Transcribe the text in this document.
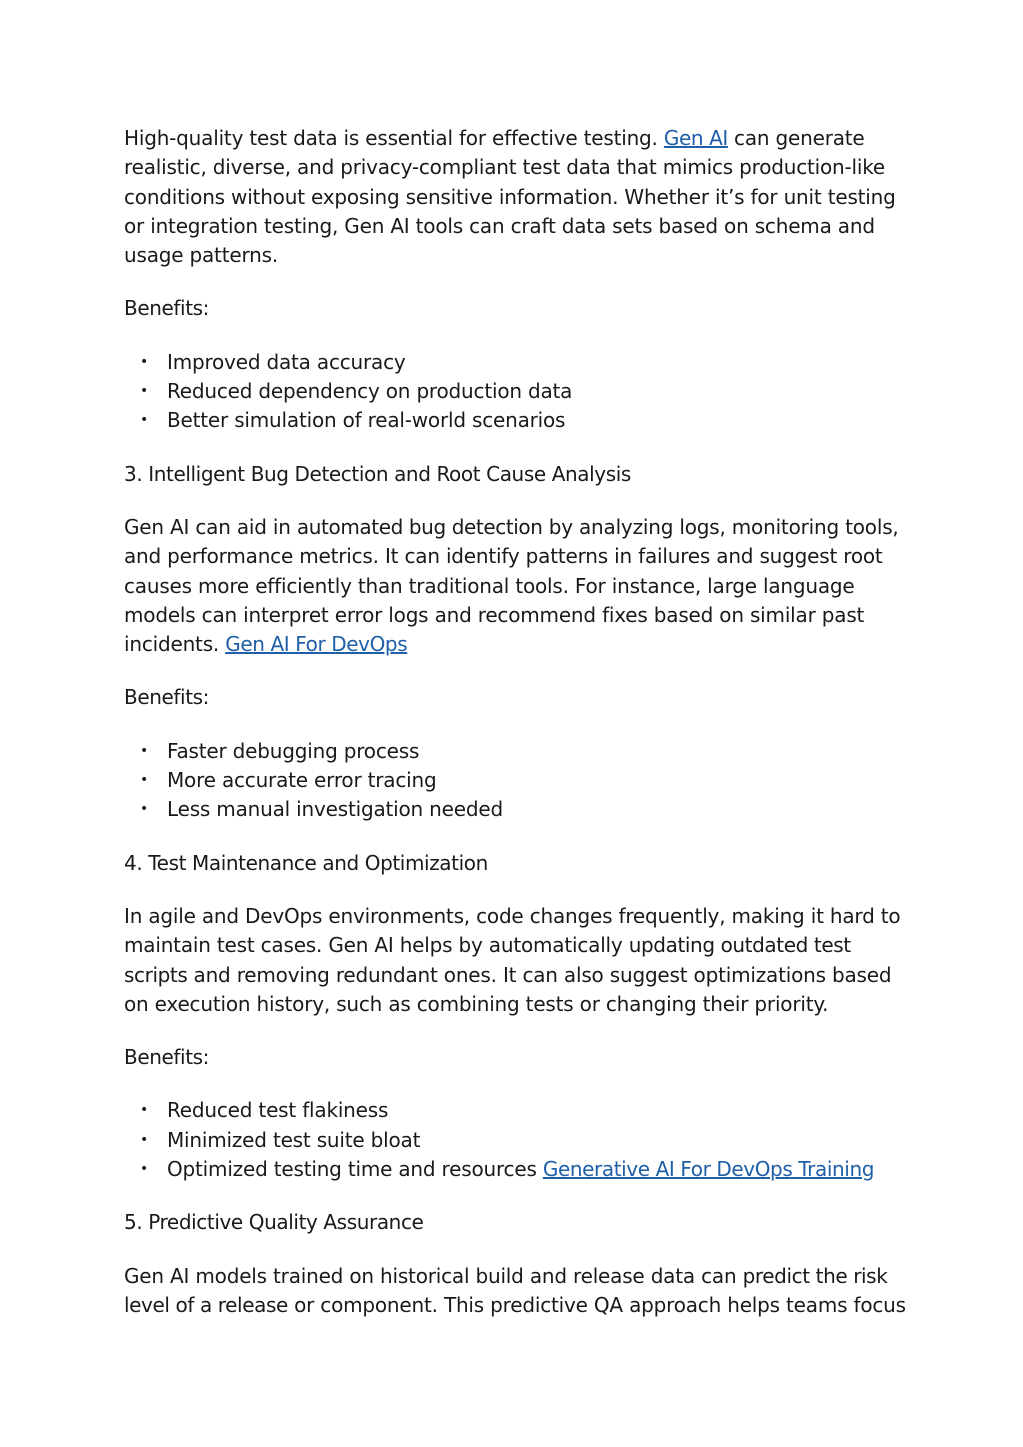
High-quality test data is essential for effective testing. Gen AI can generate realistic, diverse, and privacy-compliant test data that mimics production-like conditions without exposing sensitive information. Whether it’s for unit testing or integration testing, Gen AI tools can craft data sets based on schema and usage patterns.

Benefits:

• Improved data accuracy
• Reduced dependency on production data
• Better simulation of real-world scenarios

3. Intelligent Bug Detection and Root Cause Analysis

Gen AI can aid in automated bug detection by analyzing logs, monitoring tools, and performance metrics. It can identify patterns in failures and suggest root causes more efficiently than traditional tools. For instance, large language models can interpret error logs and recommend fixes based on similar past incidents. Gen AI For DevOps

Benefits:

• Faster debugging process
• More accurate error tracing
• Less manual investigation needed

4. Test Maintenance and Optimization

In agile and DevOps environments, code changes frequently, making it hard to maintain test cases. Gen AI helps by automatically updating outdated test scripts and removing redundant ones. It can also suggest optimizations based on execution history, such as combining tests or changing their priority.

Benefits:

• Reduced test flakiness
• Minimized test suite bloat
• Optimized testing time and resources Generative AI For DevOps Training

5. Predictive Quality Assurance

Gen AI models trained on historical build and release data can predict the risk level of a release or component. This predictive QA approach helps teams focus
